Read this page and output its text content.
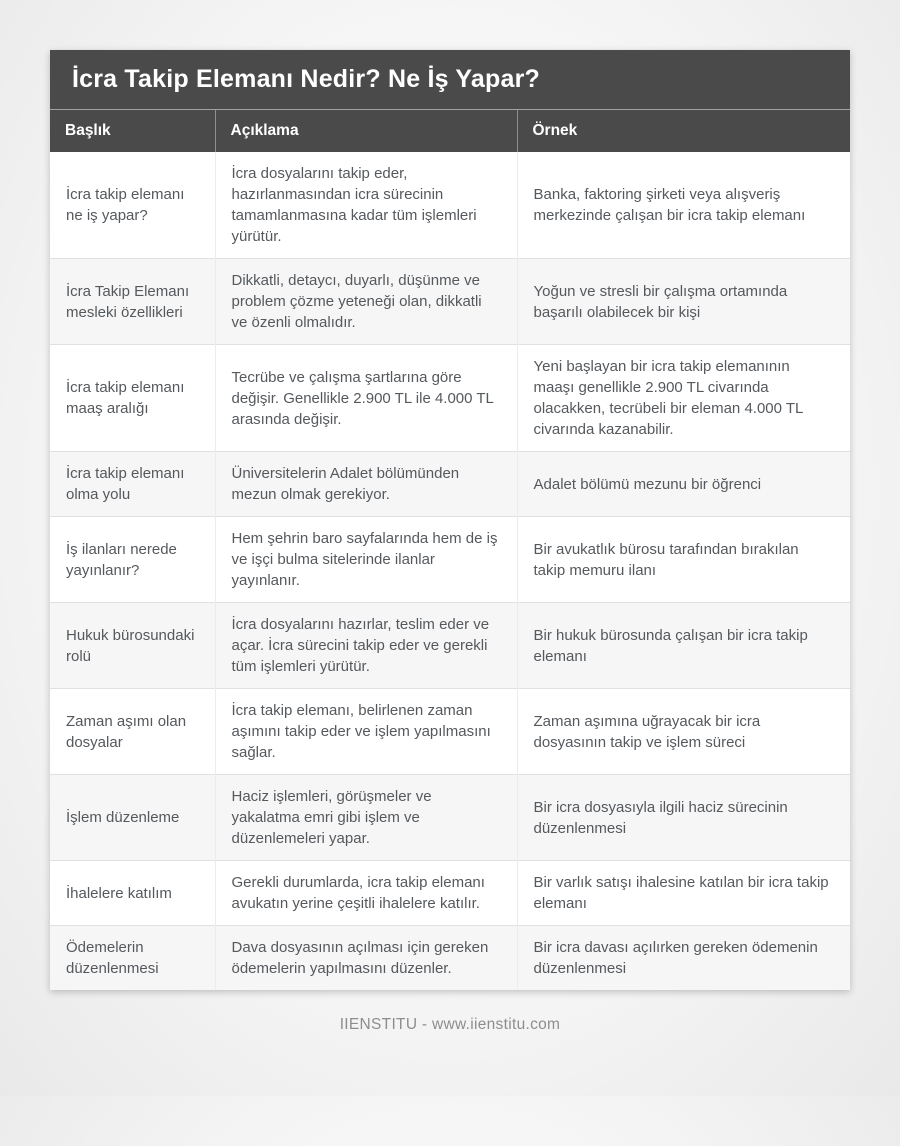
İcra Takip Elemanı Nedir? Ne İş Yapar?
Başlık	Açıklama	Örnek
İcra takip elemanı ne iş yapar?	İcra dosyalarını takip eder, hazırlanmasından icra sürecinin tamamlanmasına kadar tüm işlemleri yürütür.	Banka, faktoring şirketi veya alışveriş merkezinde çalışan bir icra takip elemanı
İcra Takip Elemanı mesleki özellikleri	Dikkatli, detaycı, duyarlı, düşünme ve problem çözme yeteneği olan, dikkatli ve özenli olmalıdır.	Yoğun ve stresli bir çalışma ortamında başarılı olabilecek bir kişi
İcra takip elemanı maaş aralığı	Tecrübe ve çalışma şartlarına göre değişir. Genellikle 2.900 TL ile 4.000 TL arasında değişir.	Yeni başlayan bir icra takip elemanının maaşı genellikle 2.900 TL civarında olacakken, tecrübeli bir eleman 4.000 TL civarında kazanabilir.
İcra takip elemanı olma yolu	Üniversitelerin Adalet bölümünden mezun olmak gerekiyor.	Adalet bölümü mezunu bir öğrenci
İş ilanları nerede yayınlanır?	Hem şehrin baro sayfalarında hem de iş ve işçi bulma sitelerinde ilanlar yayınlanır.	Bir avukatlık bürosu tarafından bırakılan takip memuru ilanı
Hukuk bürosundaki rolü	İcra dosyalarını hazırlar, teslim eder ve açar. İcra sürecini takip eder ve gerekli tüm işlemleri yürütür.	Bir hukuk bürosunda çalışan bir icra takip elemanı
Zaman aşımı olan dosyalar	İcra takip elemanı, belirlenen zaman aşımını takip eder ve işlem yapılmasını sağlar.	Zaman aşımına uğrayacak bir icra dosyasının takip ve işlem süreci
İşlem düzenleme	Haciz işlemleri, görüşmeler ve yakalatma emri gibi işlem ve düzenlemeleri yapar.	Bir icra dosyasıyla ilgili haciz sürecinin düzenlenmesi
İhalelere katılım	Gerekli durumlarda, icra takip elemanı avukatın yerine çeşitli ihalelere katılır.	Bir varlık satışı ihalesine katılan bir icra takip elemanı
Ödemelerin düzenlenmesi	Dava dosyasının açılması için gereken ödemelerin yapılmasını düzenler.	Bir icra davası açılırken gereken ödemenin düzenlenmesi
IIENSTITU - www.iienstitu.com
